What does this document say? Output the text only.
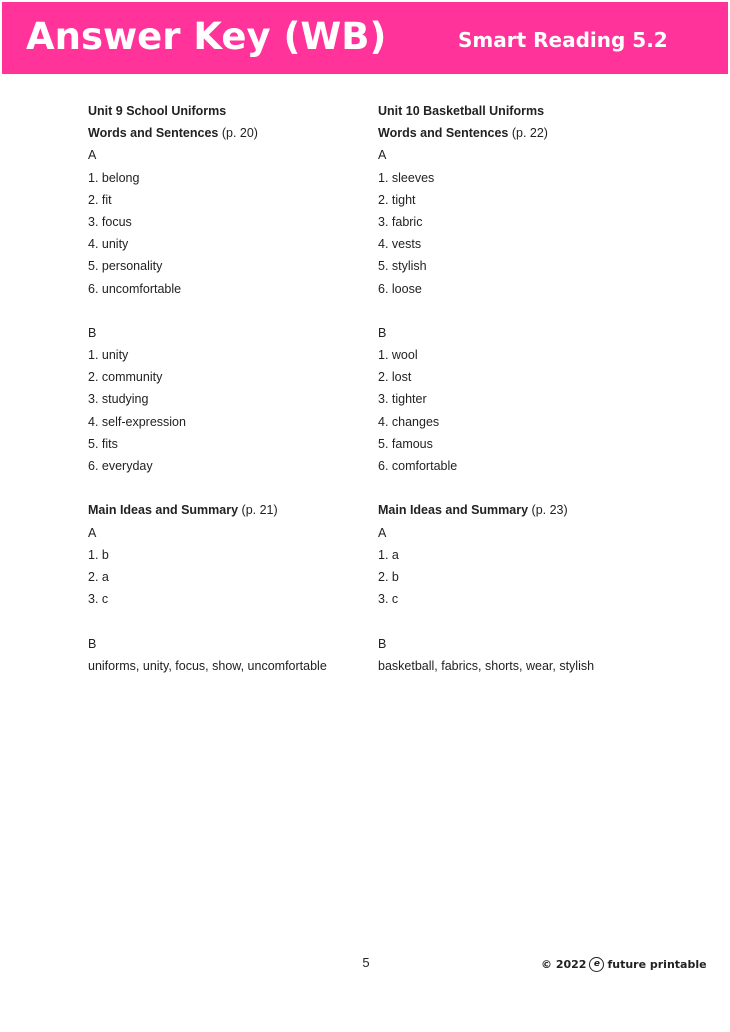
Answer Key (WB)	Smart Reading 5.2
Unit 9 School Uniforms
Words and Sentences (p. 20)
A
1. belong
2. fit
3. focus
4. unity
5. personality
6. uncomfortable
B
1. unity
2. community
3. studying
4. self-expression
5. fits
6. everyday
Main Ideas and Summary (p. 21)
A
1. b
2. a
3. c
B
uniforms, unity, focus, show, uncomfortable
Unit 10 Basketball Uniforms
Words and Sentences (p. 22)
A
1. sleeves
2. tight
3. fabric
4. vests
5. stylish
6. loose
B
1. wool
2. lost
3. tighter
4. changes
5. famous
6. comfortable
Main Ideas and Summary (p. 23)
A
1. a
2. b
3. c
B
basketball, fabrics, shorts, wear, stylish
5	© 2022 e future printable
